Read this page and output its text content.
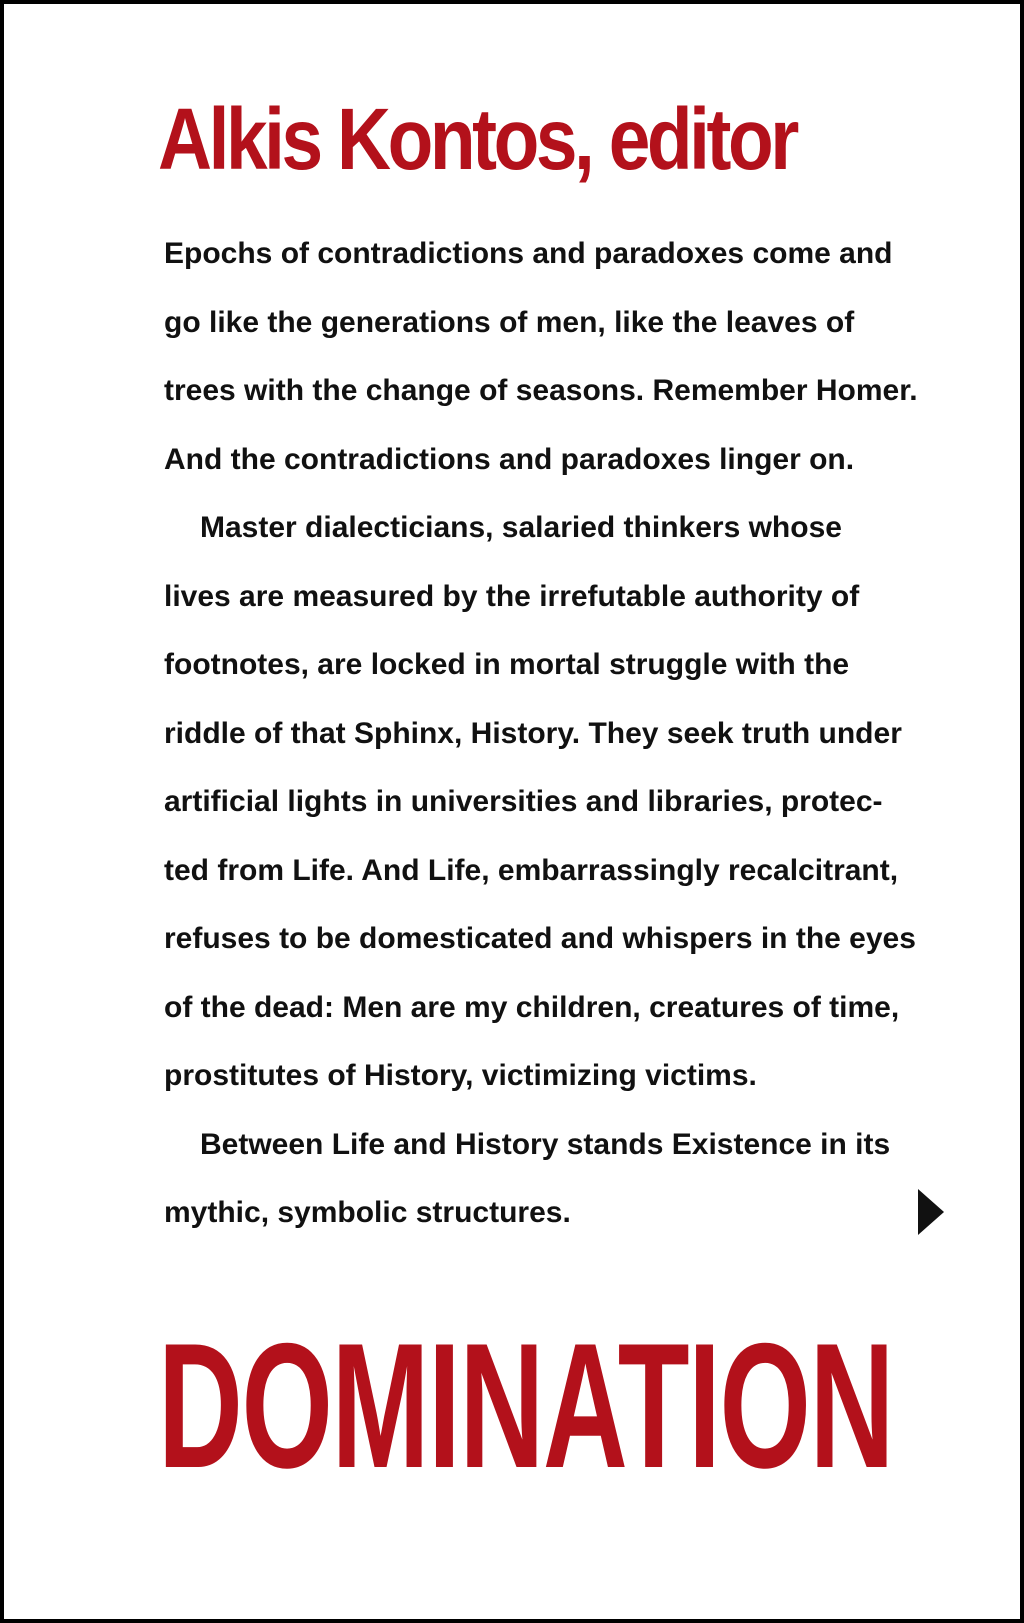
Alkis Kontos, editor
Epochs of contradictions and paradoxes come and
go like the generations of men, like the leaves of
trees with the change of seasons. Remember Homer.
And the contradictions and paradoxes linger on.
Master dialecticians, salaried thinkers whose
lives are measured by the irrefutable authority of
footnotes, are locked in mortal struggle with the
riddle of that Sphinx, History. They seek truth under
artificial lights in universities and libraries, protec-
ted from Life. And Life, embarrassingly recalcitrant,
refuses to be domesticated and whispers in the eyes
of the dead: Men are my children, creatures of time,
prostitutes of History, victimizing victims.
Between Life and History stands Existence in its
mythic, symbolic structures.
DOMINATION
